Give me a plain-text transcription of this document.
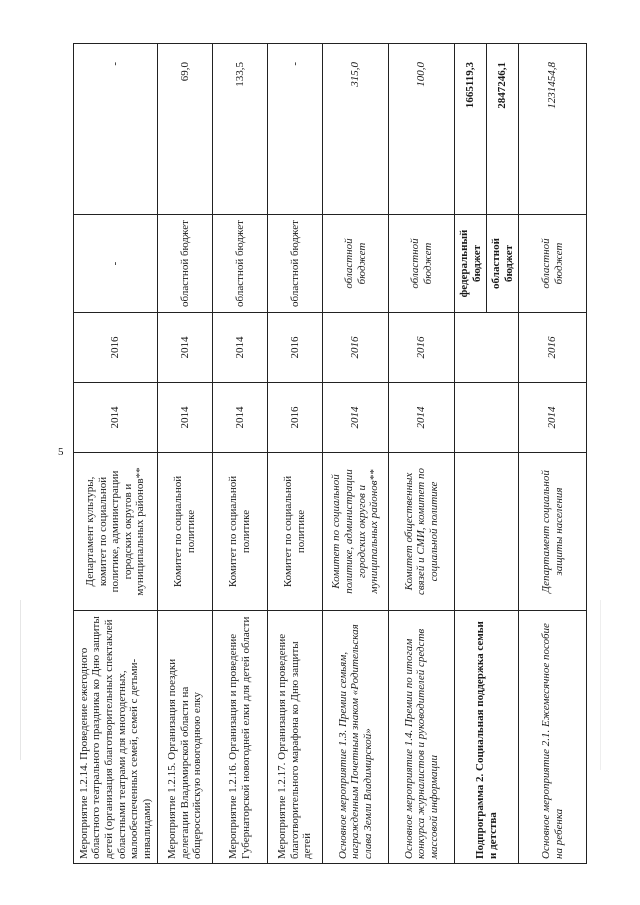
5
Мероприятие 1.2.14. Проведение ежегодного областного театрального праздника ко Дню защиты детей (организация благотворительных спектаклей областными театрами для многодетных, малообеспеченных семей, семей с детьми-инвалидами)	Департамент культуры, комитет по социальной политике, администрации городских округов и муниципальных районов**	2014	2016	-	-
Мероприятие 1.2.15. Организация поездки делегации Владимирской области на общероссийскую новогоднюю елку	Комитет по социальной политике	2014	2014	областной бюджет	69,0
Мероприятие 1.2.16. Организация и проведение Губернаторской новогодней елки для детей области	Комитет по социальной политике	2014	2014	областной бюджет	133,5
Мероприятие 1.2.17. Организация и проведение благотворительного марафона ко Дню защиты детей	Комитет по социальной политике	2016	2016	областной бюджет	-
Основное мероприятие 1.3. Премии семьям, награжденным Почетным знаком «Родительская слава Земли Владимирской»	Комитет по социальной политике, администрации городских округов и муниципальных районов**	2014	2016	областной бюджет	315,0
Основное мероприятие 1.4. Премии по итогам конкурса журналистов и руководителей средств массовой информации	Комитет общественных связей и СМИ, комитет по социальной политике	2014	2016	областной бюджет	100,0
Подпрограмма 2. Социальная поддержка семьи и детства				федеральный бюджет	1665119,3
				областной бюджет	2847246,1
Основное мероприятие 2.1. Ежемесячное пособие на ребенка	Департамент социальной защиты населения	2014	2016	областной бюджет	1231454,8
